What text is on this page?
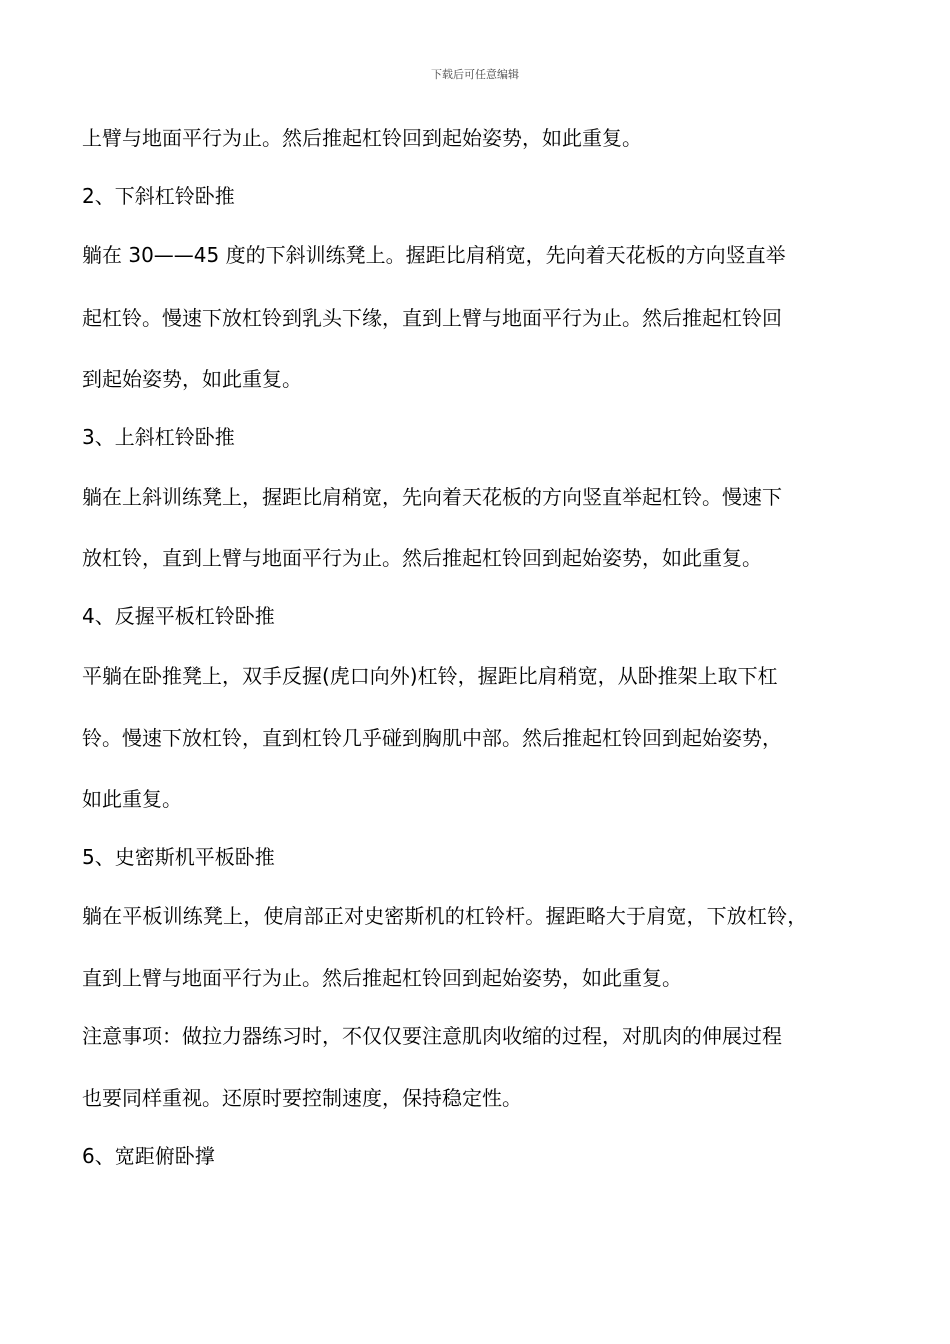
下载后可任意编辑
上臂与地面平行为止。然后推起杠铃回到起始姿势，如此重复。
2、下斜杠铃卧推
躺在 30——45 度的下斜训练凳上。握距比肩稍宽，先向着天花板的方向竖直举
起杠铃。慢速下放杠铃到乳头下缘，直到上臂与地面平行为止。然后推起杠铃回
到起始姿势，如此重复。
3、上斜杠铃卧推
躺在上斜训练凳上，握距比肩稍宽，先向着天花板的方向竖直举起杠铃。慢速下
放杠铃，直到上臂与地面平行为止。然后推起杠铃回到起始姿势，如此重复。
4、反握平板杠铃卧推
平躺在卧推凳上，双手反握(虎口向外)杠铃，握距比肩稍宽，从卧推架上取下杠
铃。慢速下放杠铃，直到杠铃几乎碰到胸肌中部。然后推起杠铃回到起始姿势，
如此重复。
5、史密斯机平板卧推
躺在平板训练凳上，使肩部正对史密斯机的杠铃杆。握距略大于肩宽，下放杠铃，
直到上臂与地面平行为止。然后推起杠铃回到起始姿势，如此重复。
注意事项：做拉力器练习时，不仅仅要注意肌肉收缩的过程，对肌肉的伸展过程
也要同样重视。还原时要控制速度，保持稳定性。
6、宽距俯卧撑
